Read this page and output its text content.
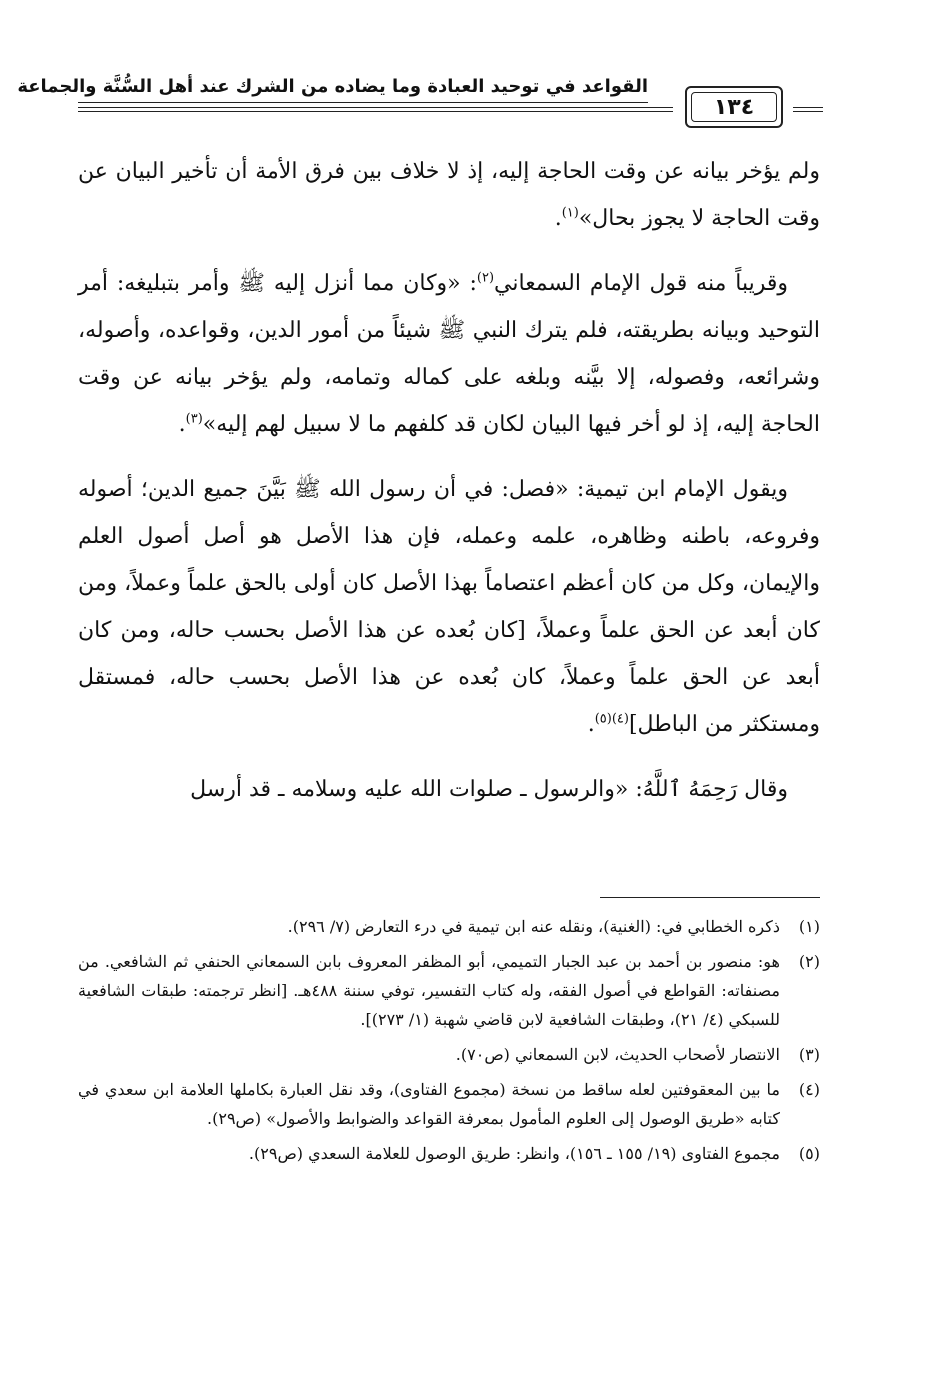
القواعد في توحيد العبادة وما يضاده من الشرك عند أهل السُّنَّة والجماعة
١٣٤

ولم يؤخر بيانه عن وقت الحاجة إليه، إذ لا خلاف بين فرق الأمة أن تأخير البيان عن وقت الحاجة لا يجوز بحال»$^{(١)}$.

وقريباً منه قول الإمام السمعاني$^{(٢)}$: «وكان مما أنزل إليه ﷺ وأمر بتبليغه: أمر التوحيد وبيانه بطريقته، فلم يترك النبي ﷺ شيئاً من أمور الدين، وقواعده، وأصوله، وشرائعه، وفصوله، إلا بيَّنه وبلغه على كماله وتمامه، ولم يؤخر بيانه عن وقت الحاجة إليه، إذ لو أخر فيها البيان لكان قد كلفهم ما لا سبيل لهم إليه»$^{(٣)}$.

ويقول الإمام ابن تيمية: «فصل: في أن رسول الله ﷺ بَيَّنَ جميع الدين؛ أصوله وفروعه، باطنه وظاهره، علمه وعمله، فإن هذا الأصل هو أصل أصول العلم والإيمان، وكل من كان أعظم اعتصاماً بهذا الأصل كان أولى بالحق علماً وعملاً، ومن كان أبعد عن الحق علماً وعملاً، [كان بُعده عن هذا الأصل بحسب حاله، ومن كان أبعد عن الحق علماً وعملاً، كان بُعده عن هذا الأصل بحسب حاله، فمستقل ومستكثر من الباطل]$^{(٤)(٥)}$.

وقال رَحِمَهُ ٱللَّهُ: «والرسول ـ صلوات الله عليه وسلامه ـ قد أرسل

(١)
ذكره الخطابي في: (الغنية)، ونقله عنه ابن تيمية في درء التعارض (٧/ ٢٩٦).
(٢)
هو: منصور بن أحمد بن عبد الجبار التميمي، أبو المظفر المعروف بابن السمعاني الحنفي ثم الشافعي. من مصنفاته: القواطع في أصول الفقه، وله كتاب التفسير، توفي سننة ٤٨٨هـ. [انظر ترجمته: طبقات الشافعية للسبكي (٤/ ٢١)، وطبقات الشافعية لابن قاضي شهبة (١/ ٢٧٣)].
(٣)
الانتصار لأصحاب الحديث، لابن السمعاني (ص٧٠).
(٤)
ما بين المعقوفتين لعله ساقط من نسخة (مجموع الفتاوى)، وقد نقل العبارة بكاملها العلامة ابن سعدي في كتابه «طريق الوصول إلى العلوم المأمول بمعرفة القواعد والضوابط والأصول» (ص٢٩).
(٥)
مجموع الفتاوى (١٩/ ١٥٥ ـ ١٥٦)، وانظر: طريق الوصول للعلامة السعدي (ص٢٩).
